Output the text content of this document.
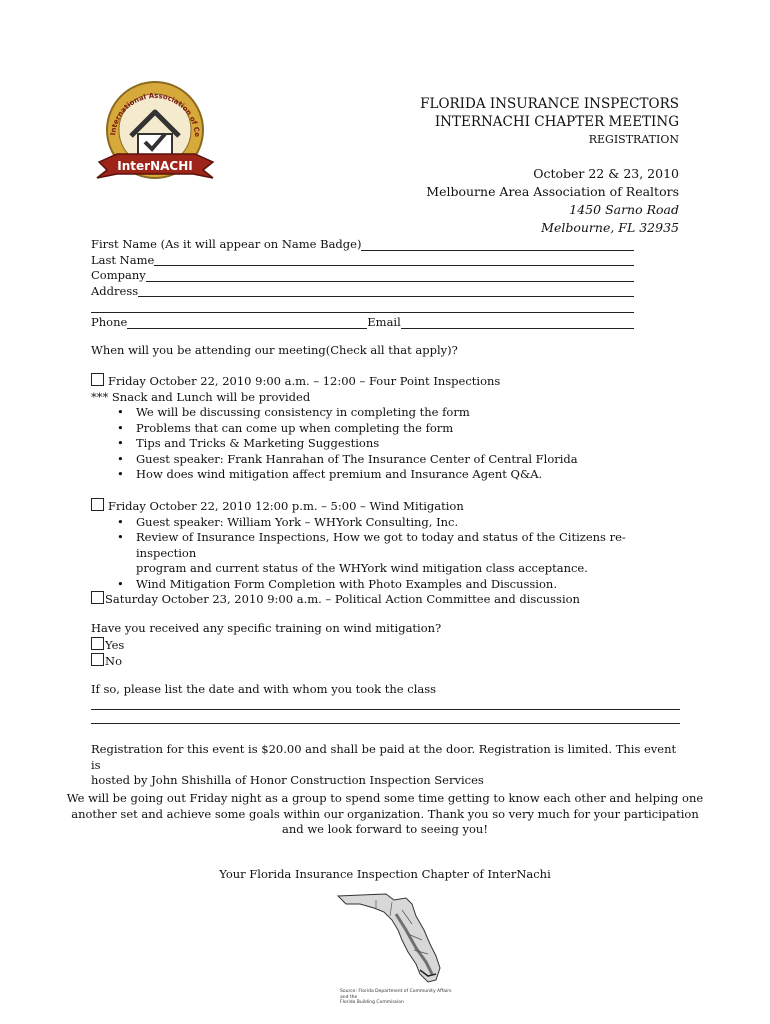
International Association of Ce
InterNACHI
FLORIDA INSURANCE INSPECTORS
INTERNACHI CHAPTER MEETING
REGISTRATION
October 22 & 23, 2010
Melbourne Area Association of Realtors
1450 Sarno Road
Melbourne, FL 32935
First Name (As it will appear on Name Badge)
Last Name
Company
Address
Phone	Email
When will you be attending our meeting(Check all that apply)?
Friday October 22, 2010 9:00 a.m. – 12:00 – Four Point Inspections
*** Snack and Lunch will be provided
• We will be discussing consistency in completing the form
• Problems that can come up when completing the form
• Tips and Tricks & Marketing Suggestions
• Guest speaker: Frank Hanrahan of The Insurance Center of Central Florida
• How does wind mitigation affect premium and Insurance Agent Q&A.
Friday October 22, 2010 12:00 p.m. – 5:00 – Wind Mitigation
• Guest speaker: William York – WHYork Consulting, Inc.
• Review of Insurance Inspections, How we got to today and status of the Citizens re-inspection
program and current status of the WHYork wind mitigation class acceptance.
• Wind Mitigation Form Completion with Photo Examples and Discussion.
Saturday October 23, 2010 9:00 a.m. – Political Action Committee and discussion
Have you received any specific training on wind mitigation?
Yes
No
If so, please list the date and with whom you took the class
Registration for this event is $20.00 and shall be paid at the door. Registration is limited. This event is
hosted by John Shishilla of Honor Construction Inspection Services
We will be going out Friday night as a group to spend some time getting to know each other and helping one
another set and achieve some goals within our organization. Thank you so very much for your participation
and we look forward to seeing you!
Your Florida Insurance Inspection Chapter of InterNachi
Source: Florida Department of Community Affairs and the
Florida Building Commission
